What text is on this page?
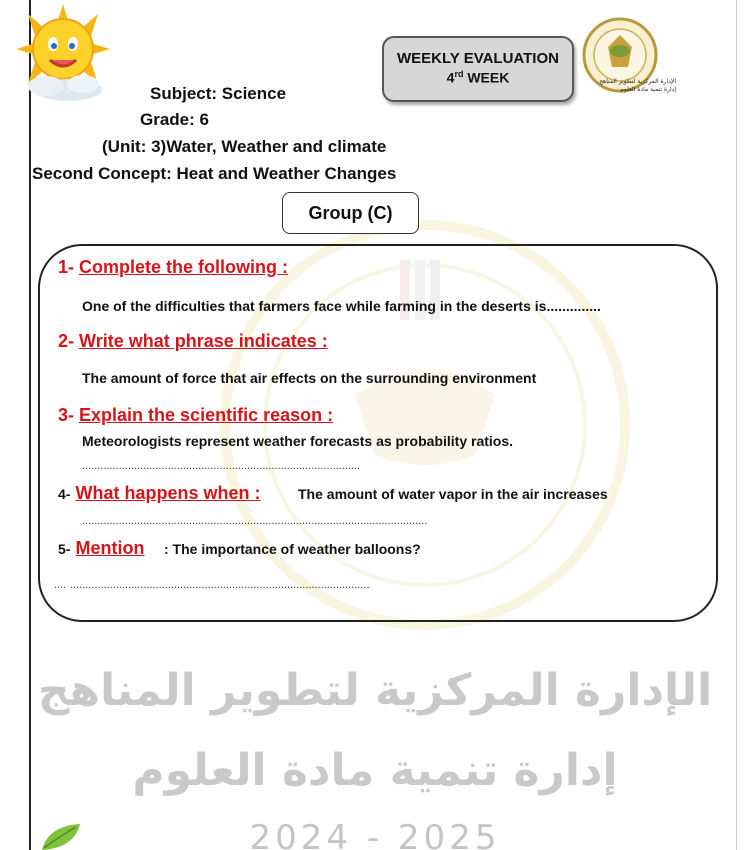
الإدارة المركزية لتطوير المناهج
إدارة تنمية مادة العلوم
2024 - 2025
WEEKLY EVALUATION
4rd WEEK	الإدارة المركزية لتطوير المناهج
إدارة تنمية مادة العلوم
Subject: Science
Grade: 6
(Unit: 3)Water, Weather and climate
Second Concept: Heat and Weather Changes
Group (C)
1- Complete the following :
One of the difficulties that farmers face while farming in the deserts is..............
2- Write what phrase indicates :
The amount of force that air effects on the surrounding environment
3- Explain the scientific reason :
Meteorologists represent weather forecasts as probability ratios.
...........................................................................................
4- What happens when :	The amount of water vapor in the air increases
.................................................................................................................
5- Mention : The importance of weather balloons?
.... ..................................................................................................
